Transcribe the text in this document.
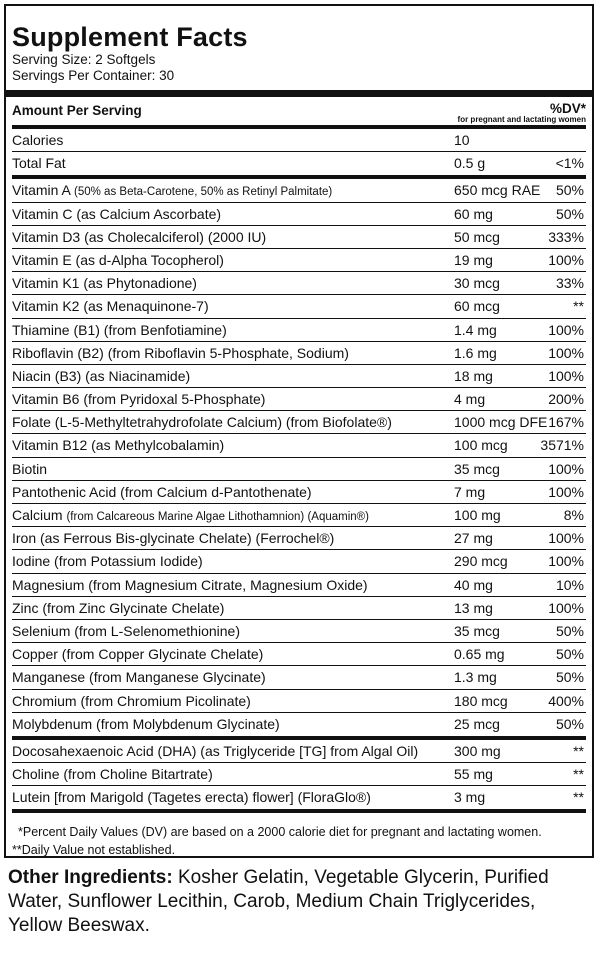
Supplement Facts
Serving Size: 2 Softgels
Servings Per Container: 30
Amount Per Serving	%DV*
for pregnant and lactating women
Calories	10
Total Fat	0.5 g	<1%
Vitamin A (50% as Beta-Carotene, 50% as Retinyl Palmitate)	650 mcg RAE 50%
Vitamin C (as Calcium Ascorbate)	60 mg	50%
Vitamin D3 (as Cholecalciferol) (2000 IU)	50 mcg	333%
Vitamin E (as d-Alpha Tocopherol)	19 mg	100%
Vitamin K1 (as Phytonadione)	30 mcg	33%
Vitamin K2 (as Menaquinone-7)	60 mcg	**
Thiamine (B1) (from Benfotiamine)	1.4 mg	100%
Riboflavin (B2) (from Riboflavin 5-Phosphate, Sodium)	1.6 mg	100%
Niacin (B3) (as Niacinamide)	18 mg	100%
Vitamin B6 (from Pyridoxal 5-Phosphate)	4 mg	200%
Folate (L-5-Methyltetrahydrofolate Calcium) (from Biofolate®)	1000 mcg DFE 167%
Vitamin B12 (as Methylcobalamin)	100 mcg 3571%
Biotin	35 mcg	100%
Pantothenic Acid (from Calcium d-Pantothenate)	7 mg	100%
Calcium (from Calcareous Marine Algae Lithothamnion) (Aquamin®)	100 mg	8%
Iron (as Ferrous Bis-glycinate Chelate) (Ferrochel®)	27 mg	100%
Iodine (from Potassium Iodide)	290 mcg	100%
Magnesium (from Magnesium Citrate, Magnesium Oxide)	40 mg	10%
Zinc (from Zinc Glycinate Chelate)	13 mg	100%
Selenium (from L-Selenomethionine)	35 mcg	50%
Copper (from Copper Glycinate Chelate)	0.65 mg	50%
Manganese (from Manganese Glycinate)	1.3 mg	50%
Chromium (from Chromium Picolinate)	180 mcg	400%
Molybdenum (from Molybdenum Glycinate)	25 mcg	50%
Docosahexaenoic Acid (DHA) (as Triglyceride [TG] from Algal Oil)	300 mg	**
Choline (from Choline Bitartrate)	55 mg	**
Lutein [from Marigold (Tagetes erecta) flower] (FloraGlo®)	3 mg	**
*Percent Daily Values (DV) are based on a 2000 calorie diet for pregnant and lactating women.
**Daily Value not established.
Other Ingredients: Kosher Gelatin, Vegetable Glycerin, Purified Water, Sunflower Lecithin, Carob, Medium Chain Triglycerides, Yellow Beeswax.
